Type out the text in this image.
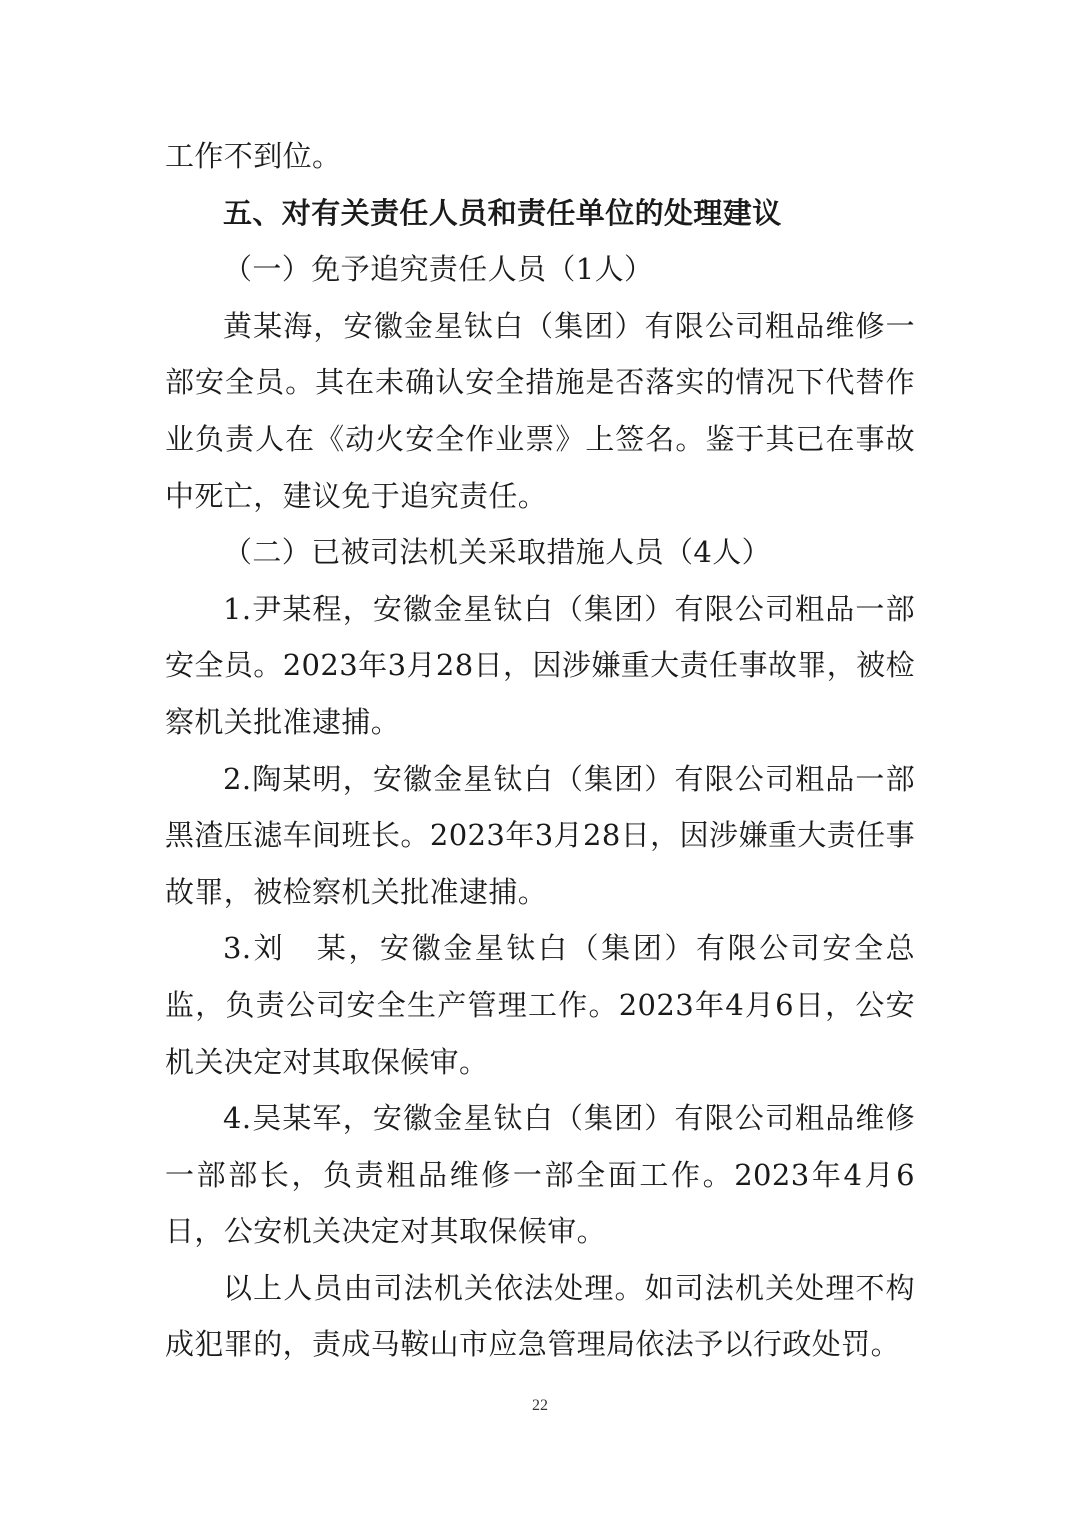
工作不到位。

五、对有关责任人员和责任单位的处理建议

（一）免予追究责任人员（1人）

黄某海，安徽金星钛白（集团）有限公司粗品维修一部安全员。其在未确认安全措施是否落实的情况下代替作业负责人在《动火安全作业票》上签名。鉴于其已在事故中死亡，建议免于追究责任。

（二）已被司法机关采取措施人员（4人）

1.尹某程，安徽金星钛白（集团）有限公司粗品一部安全员。2023年3月28日，因涉嫌重大责任事故罪，被检察机关批准逮捕。

2.陶某明，安徽金星钛白（集团）有限公司粗品一部黑渣压滤车间班长。2023年3月28日，因涉嫌重大责任事故罪，被检察机关批准逮捕。

3.刘　某，安徽金星钛白（集团）有限公司安全总监，负责公司安全生产管理工作。2023年4月6日，公安机关决定对其取保候审。

4.吴某军，安徽金星钛白（集团）有限公司粗品维修一部部长，负责粗品维修一部全面工作。2023年4月6日，公安机关决定对其取保候审。

以上人员由司法机关依法处理。如司法机关处理不构成犯罪的，责成马鞍山市应急管理局依法予以行政处罚。

22
